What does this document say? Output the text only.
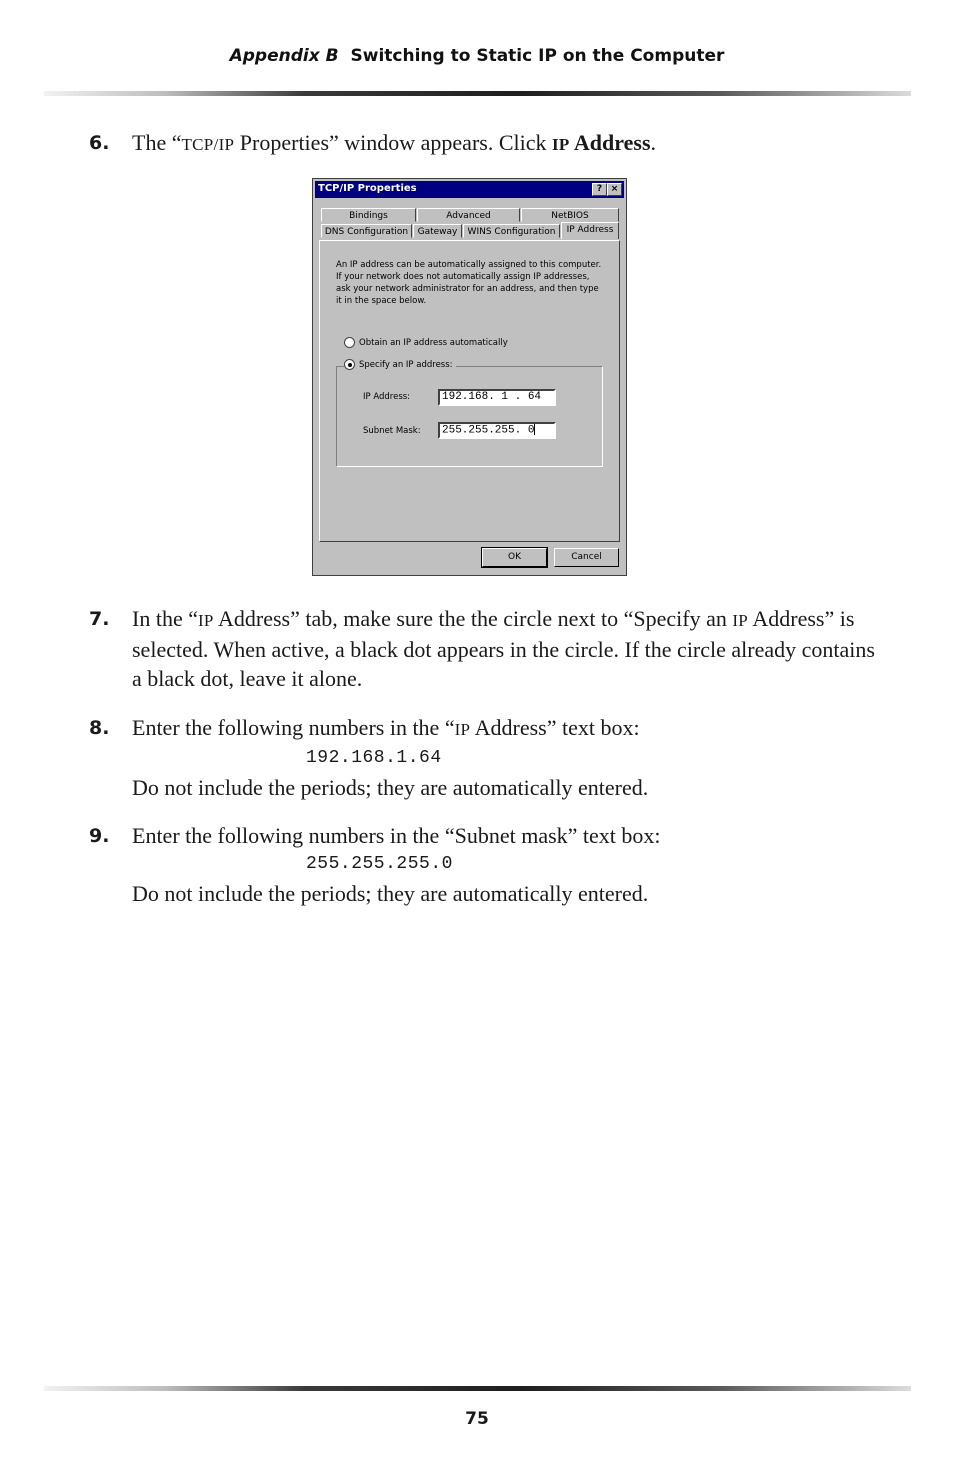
Appendix B Switching to Static IP on the Computer
6. The “TCP/IP Properties” window appears. Click IP Address.
TCP/IP Properties	? ×
Bindings	Advanced	NetBIOS
DNS Configuration	Gateway	WINS Configuration	IP Address
An IP address can be automatically assigned to this computer. If your network does not automatically assign IP addresses, ask your network administrator for an address, and then type it in the space below.
Obtain an IP address automatically
Specify an IP address:
IP Address:	192.168. 1 . 64
Subnet Mask:	255.255.255. 0
OK	Cancel
7. In the “IP Address” tab, make sure the the circle next to “Specify an IP Address” is selected. When active, a black dot appears in the circle. If the circle already contains a black dot, leave it alone.
8. Enter the following numbers in the “IP Address” text box:
192.168.1.64
Do not include the periods; they are automatically entered.
9. Enter the following numbers in the “Subnet mask” text box:
255.255.255.0
Do not include the periods; they are automatically entered.
75
